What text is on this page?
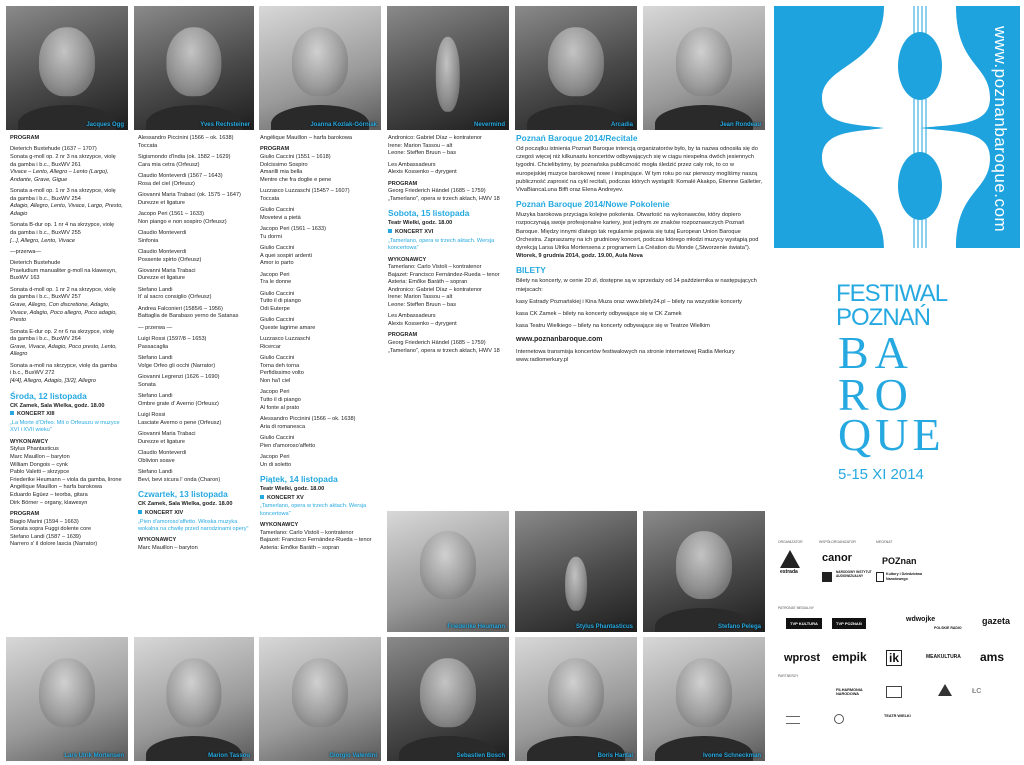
Jacques Ogg	Yves Rechsteiner	Joanna Kozlak-Górniak	Nevermind	Arcadia	Jean Rondeau

PROGRAM

Dieterich Buxtehude (1637 – 1707)
Sonata g-moll op. 2 nr 3 na skrzypce, violę
da gamba i b.c., BuxWV 261
Vivace – Lento, Allegro – Lento (Largo), Andante, Grave, Gigue

Sonata a-moll op. 1 nr 3 na skrzypce, violę
da gamba i b.c., BuxWV 254
Adagio, Allegro, Lento, Vivace, Largo, Presto, Adagio

Sonata B-dur op. 1 nr 4 na skrzypce, violę
da gamba i b.c., BuxWV 255
[...], Allegro, Lento, Vivace

—przerwa—

Dieterich Buxtehude
Praeludium manualiter g-moll na klawesyn,
BuxWV 163

Sonata d-moll op. 1 nr 2 na skrzypce, violę
da gamba i b.c., BuxWV 257
Grave, Allegro, Con discretione, Adagio, Vivace, Adagio, Poco allegro, Poco adagio, Presto

Sonata E-dur op. 2 nr 6 na skrzypce, violę
da gamba i b.c., BuxWV 264
Grave, Vivace, Adagio, Poco presto, Lento, Allegro

Sonata a-moll na skrzypce, violę da gamba
i b.c., BuxWV 272
[4/4], Allegro, Adagio, [3/2], Allegro

Środa, 12 listopada

CK Zamek, Sala Wielka, godz. 18.00

KONCERT XIII

„La Morte d'Orfeo. Mit o Orfeuszu w muzyce XVI i XVII wieku"

WYKONAWCY

Stylus Phantasticus
Marc Mauillon – baryton
William Dongois – cynk
Pablo Valetti – skrzypce
Friederike Heumann – viola da gamba, lirone
Angélique Mauillon – harfa barokowa
Eduardo Egüez – teorba, gitara
Dirk Börner – organy, klawesyn

PROGRAM

Biagio Marini (1594 – 1663)
Sonata sopra Fuggi dolente core
Stefano Landi (1587 – 1639)
Narrero s' il dolore lascia (Narrator)

Alessandro Piccinini (1566 – ok. 1638)
Toccata

Sigismondo d'India (ok. 1582 – 1629)
Cara mia cetra (Orfeusz)

Claudio Monteverdi (1567 – 1643)
Rosa del ciel (Orfeusz)

Giovanni Maria Trabaci (ok. 1575 – 1647)
Durezze et ligature

Jacopo Peri (1561 – 1633)
Non piango e non sospiro (Orfeusz)

Claudio Monteverdi
Sinfonia

Claudio Monteverdi
Possente spirto (Orfeusz)

Giovanni Maria Trabaci
Durezze et ligature

Stefano Landi
It' al sacro consiglio (Orfeusz)

Andrea Falconieri (1585/6 – 1956)
Battaglia de Barabaso yerno de Satanas

— przerwa —

Luigi Rossi (1597/8 – 1653)
Passacaglia

Stefano Landi
Volge Orfeo gli occhi (Narrator)

Giovanni Legrenzi (1626 – 1690)
Sonata

Stefano Landi
Ombre grate d' Averno (Orfeusz)

Luigi Rossi
Lasciate Averno o pene (Orfeusz)

Giovanni Maria Trabaci
Durezze et ligature

Claudio Monteverdi
Oblivion soave

Stefano Landi
Bevi, bevi sicura l' onda (Charon)

Czwartek, 13 listopada

CK Zamek, Sala Wielka, godz. 18.00

KONCERT XIV

„Pien d'amoroso'affetto. Włoska muzyka wokalna na chwilę przed narodzinami opery"

WYKONAWCY

Marc Mauillon – baryton

Angélique Mauillon – harfa barokowa

PROGRAM

Giulio Caccini (1551 – 1618)
Dolcissimo Sospiro
Amarilli mia bella
Mentre che fra doglie e pene

Luzzasco Luzzaschi (1545? – 1607)
Toccata

Giulio Caccini
Movetevi a pietà

Jacopo Peri (1561 – 1633)
Tu dormi

Giulio Caccini
A quei sospiri ardenti
Amor io parto

Jacopo Peri
Tra le donne

Giulio Caccini
Tutto il di piango
Odi Euterpe

Giulio Caccini
Queste lagrime amare

Luzzasco Luzzaschi
Ricercar

Giulio Caccini
Torna deh torna
Perfidissimo volto
Non ha'l ciel

Jacopo Peri
Tutto il di piango
Al fonte al prato

Alessandro Piccinini (1566 – ok. 1638)
Aria di romanesca

Giulio Caccini
Pien d'amoroso'affetto

Jacopo Peri
Un di soletto

Piątek, 14 listopada

Teatr Wielki, godz. 18.00

KONCERT XV

„Tamerlano, opera w trzech aktach. Wersja koncertowa"

WYKONAWCY

Tamerlano: Carlo Vistoli – kontratenor
Bajazet: Francisco Fernández-Rueda – tenor
Asteria: Emőke Baráth – sopran

Andronico: Gabriel Díaz – kontratenor
Irene: Marion Tassou – alt
Leone: Steffen Bruun – bas

Les Ambassadeurs
Alexis Kossenko – dyrygent

PROGRAM

Georg Friederich Händel (1685 – 1759)
„Tamerlano", opera w trzech aktach, HWV 18

Sobota, 15 listopada

Teatr Wielki, godz. 18.00

KONCERT XVI

„Tamerlano, opera w trzech aktach. Wersja koncertowa"

WYKONAWCY

Tamerlano: Carlo Vistoli – kontratenor
Bajazet: Francisco Fernández-Rueda – tenor
Asteria: Emőke Baráth – sopran
Andronico: Gabriel Díaz – kontratenor
Irene: Marion Tassou – alt
Leone: Steffen Bruun – bas

Les Ambassadeurs
Alexis Kossenko – dyrygent

PROGRAM

Georg Friederich Händel (1685 – 1759)
„Tamerlano", opera w trzech aktach, HWV 18

Poznań Baroque 2014/Recitale

Od początku istnienia Poznań Baroque intencją organizatorów było, by ta nazwa odnosiła się do czegoś więcej niż kilkunastu koncertów odbywających się w ciągu niespełna dwóch jesiennych tygodni. Chcielibyśmy, by poznańska publiczność mogła śledzić przez cały rok, to co w europejskiej muzyce barokowej nowe i inspirujące. W tym roku po raz pierwszy mogliśmy naszą publiczność zaprosić na cykl recitali, podczas których wystąpili: Komalé Akakpo, Étienne Galletier, VivaBiancaLuna Biffi oraz Elena Andreyev.

Poznań Baroque 2014/Nowe Pokolenie

Muzyka barokowa przyciąga kolejne pokolenia. Otwartość na wykonawców, który dopiero rozpoczynają swoje profesjonalne kariery, jest jednym ze znaków rozpoznawczych Poznań Baroque. Między innymi dlatego tak regularnie pojawia się tutaj European Union Baroque Orchestra. Zapraszamy na ich grudniowy koncert, podczas którego młodzi muzycy wystąpią pod dyrekcją Larsa Ulrika Mortensena z programem La Création du Monde („Stworzenie świata").

Wtorek, 9 grudnia 2014, godz. 19.00, Aula Nova

BILETY

Bilety na koncerty, w cenie 20 zł, dostępne są w sprzedaży od 14 października w następujących miejscach:

kasy Estrady Poznańskiej i Kina Muza oraz www.bilety24.pl – bilety na wszystkie koncerty

kasa CK Zamek – bilety na koncerty odbywające się w CK Zamek

kasa Teatru Wielkiego – bilety na koncerty odbywające się w Teatrze Wielkim

www.poznanbaroque.com

Internetowa transmisja koncertów festiwalowych na stronie internetowej Radia Merkury www.radiomerkury.pl

www.poznanbaroque.com
FESTIWAL
POZNAŃ
BA
RO
QUE
5-15 XI 2014
Friederike Heumann	Stylus Phantasticus	Stefano Pelega
Lars Ulrik Mortensen	Marion Tassou	Giorgio Valentini	Sebastien Bosch	Boris Hantai	Ivonne Schneckman
ORGANIZATOR	WSPÓŁORGANIZATOR	MECENAT
estrada
canor
NARODOWY INSTYTUT AUDIOWIZUALNY
POZnan
Kultury i Dziedzictwa Narodowego
PATRONAT MEDIALNY
TVP KULTURA	TVP POZNAŃ
wdwojke
POLSKIE RADIO
gazeta
wprost empik ik	MEAKULTURA ams
PARTNERZY
FILHARMONIA NARODOWA
TEATR WIELKI
ŁC
